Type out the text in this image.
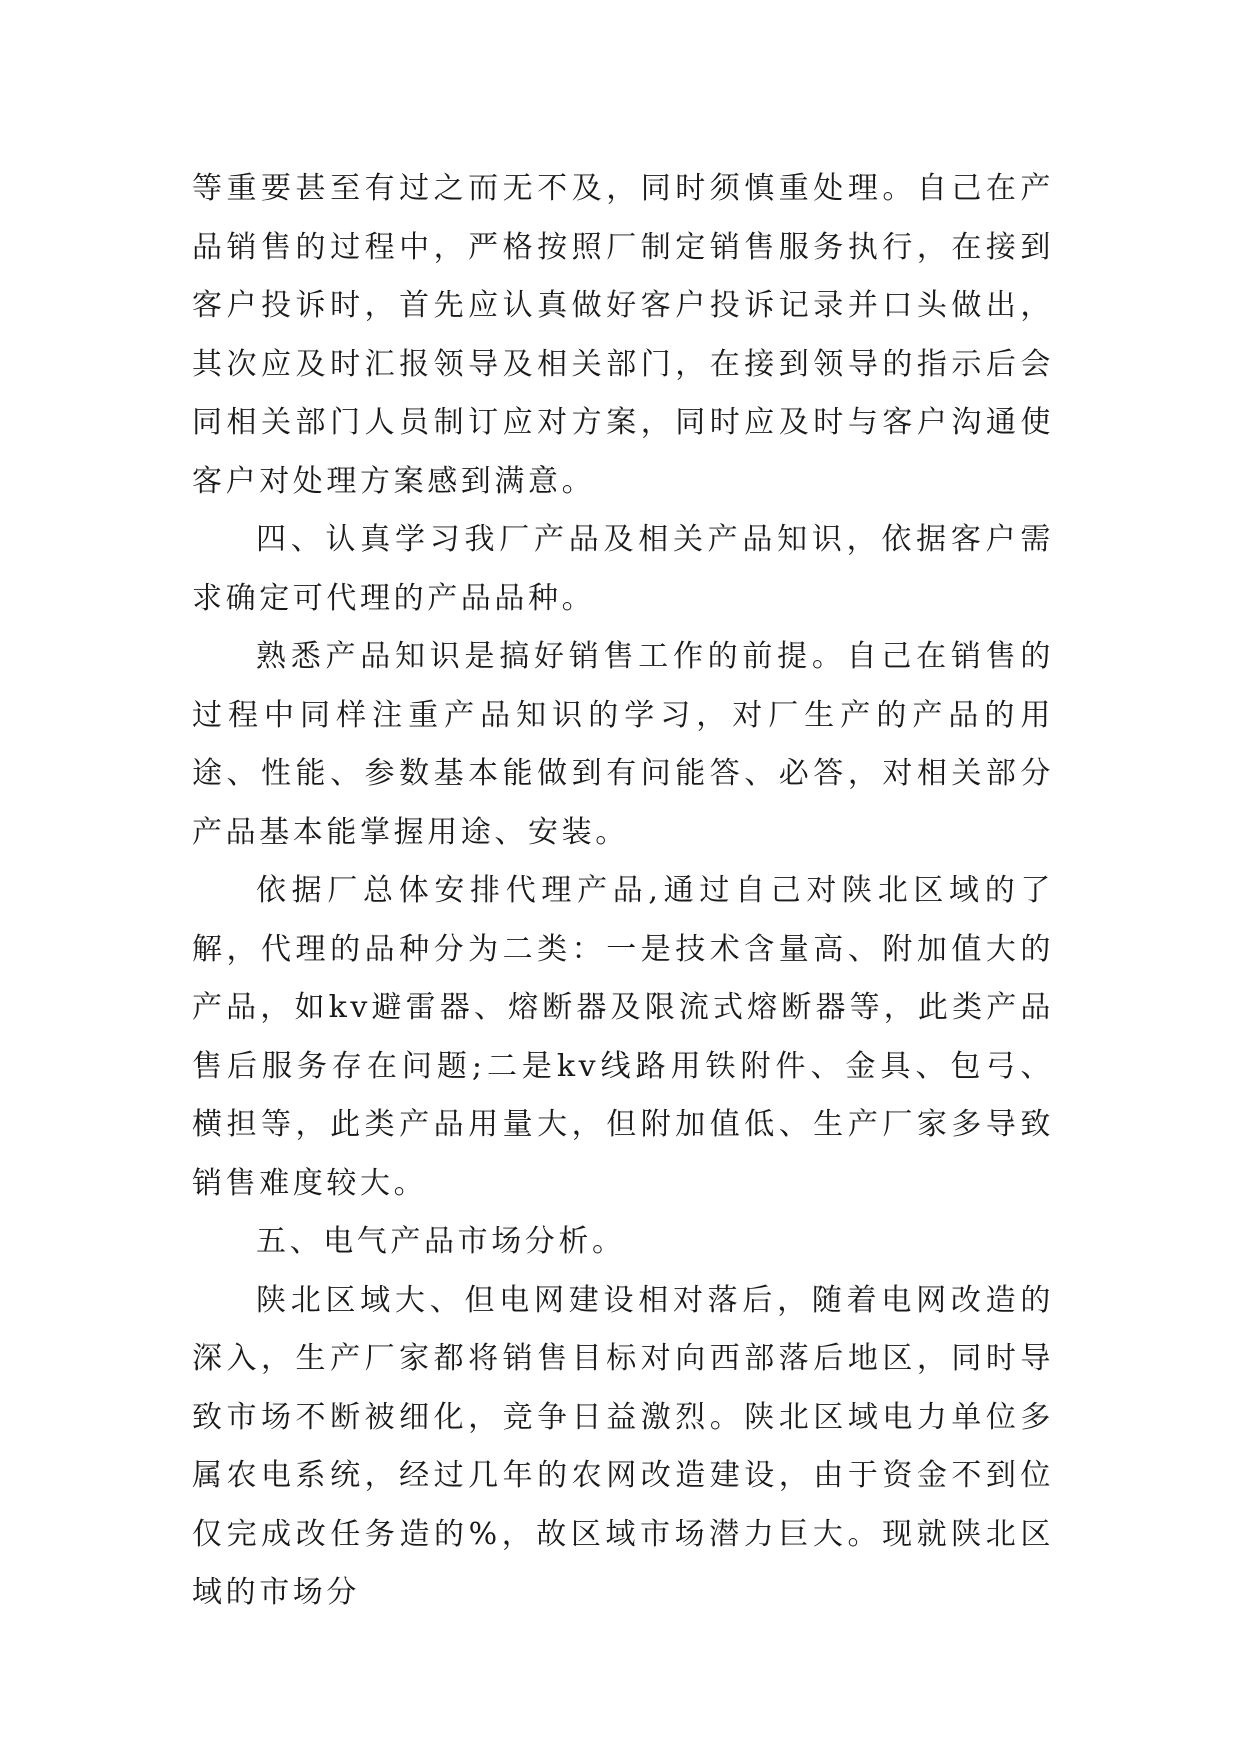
等重要甚至有过之而无不及，同时须慎重处理。自己在产品销售的过程中，严格按照厂制定销售服务执行，在接到客户投诉时，首先应认真做好客户投诉记录并口头做出，其次应及时汇报领导及相关部门，在接到领导的指示后会同相关部门人员制订应对方案，同时应及时与客户沟通使客户对处理方案感到满意。

四、认真学习我厂产品及相关产品知识，依据客户需求确定可代理的产品品种。

熟悉产品知识是搞好销售工作的前提。自己在销售的过程中同样注重产品知识的学习，对厂生产的产品的用途、性能、参数基本能做到有问能答、必答，对相关部分产品基本能掌握用途、安装。

依据厂总体安排代理产品,通过自己对陕北区域的了解，代理的品种分为二类：一是技术含量高、附加值大的产品，如kv避雷器、熔断器及限流式熔断器等，此类产品售后服务存在问题;二是kv线路用铁附件、金具、包弓、横担等，此类产品用量大，但附加值低、生产厂家多导致销售难度较大。

五、电气产品市场分析。

陕北区域大、但电网建设相对落后，随着电网改造的深入，生产厂家都将销售目标对向西部落后地区，同时导致市场不断被细化，竞争日益激烈。陕北区域电力单位多属农电系统，经过几年的农网改造建设，由于资金不到位仅完成改任务造的%，故区域市场潜力巨大。现就陕北区域的市场分
